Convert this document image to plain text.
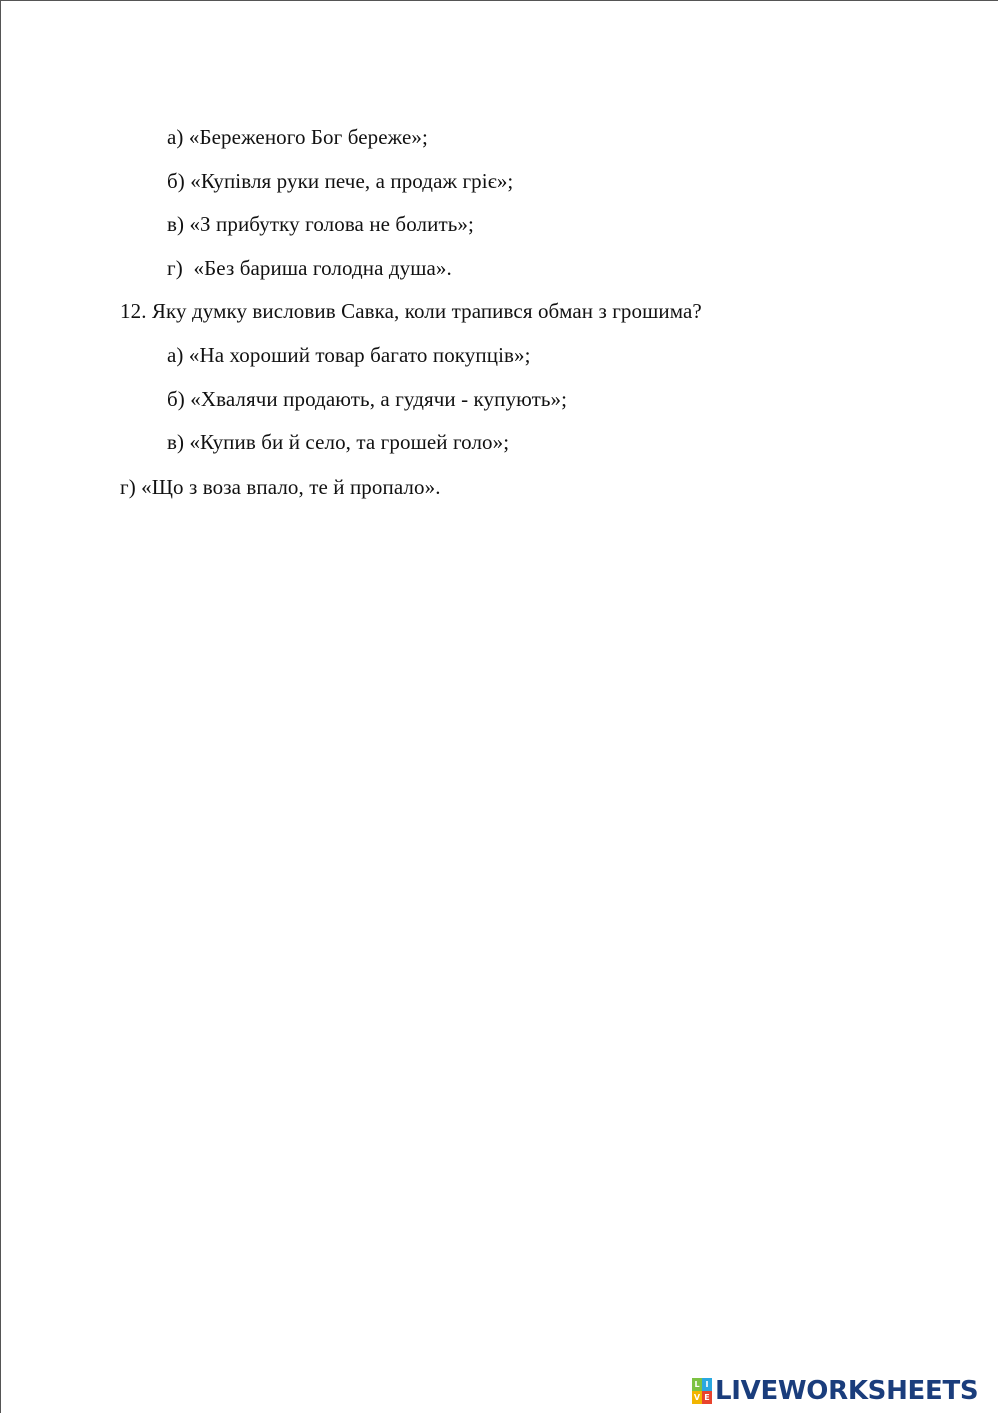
а) «Береженого Бог береже»;
б) «Купівля руки пече, а продаж гріє»;
в) «З прибутку голова не болить»;
г)  «Без бариша голодна душа».
12. Яку думку висловив Савка, коли трапився обман з грошима?
а) «На хороший товар багато покупців»;
б) «Хвалячи продають, а гудячи - купують»;
в) «Купив би й село, та грошей голо»;
г) «Що з воза впало, те й пропало».
L I
V E LIVEWORKSHEETS
